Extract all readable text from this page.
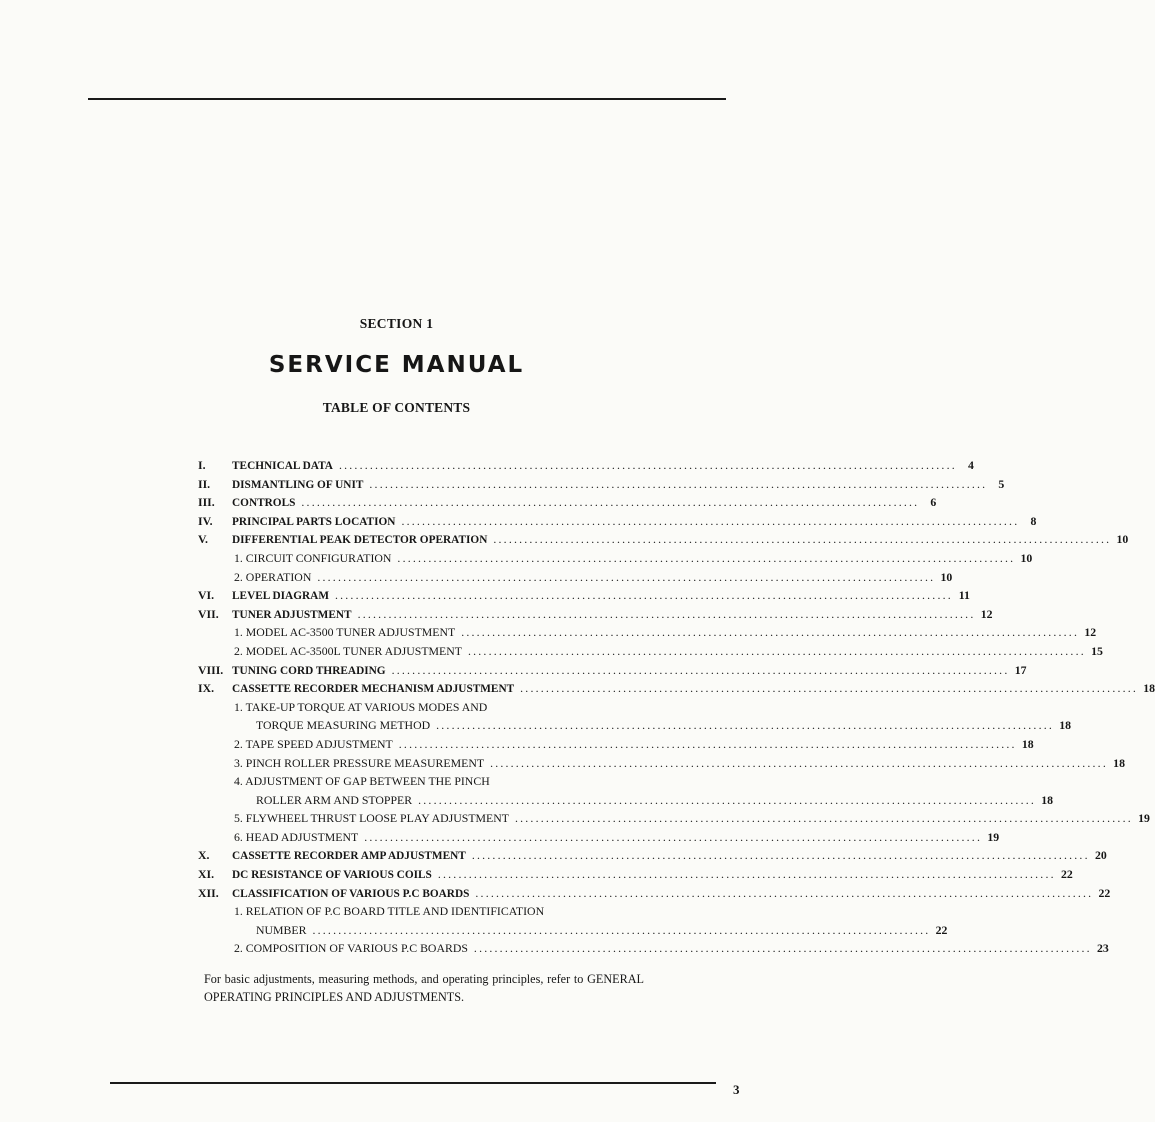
SECTION 1
SERVICE MANUAL
TABLE OF CONTENTS
I. TECHNICAL DATA ........................................................................................................................ 4
II. DISMANTLING OF UNIT ........................................................................................................................ 5
III. CONTROLS ........................................................................................................................ 6
IV. PRINCIPAL PARTS LOCATION ........................................................................................................................ 8
V. DIFFERENTIAL PEAK DETECTOR OPERATION ........................................................................................................................ 10
1. CIRCUIT CONFIGURATION ........................................................................................................................ 10
2. OPERATION ........................................................................................................................ 10
VI. LEVEL DIAGRAM ........................................................................................................................ 11
VII. TUNER ADJUSTMENT ........................................................................................................................ 12
1. MODEL AC-3500 TUNER ADJUSTMENT ........................................................................................................................ 12
2. MODEL AC-3500L TUNER ADJUSTMENT ........................................................................................................................ 15
VIII. TUNING CORD THREADING ........................................................................................................................ 17
IX. CASSETTE RECORDER MECHANISM ADJUSTMENT ........................................................................................................................ 18
1. TAKE-UP TORQUE AT VARIOUS MODES AND
TORQUE MEASURING METHOD ........................................................................................................................ 18
2. TAPE SPEED ADJUSTMENT ........................................................................................................................ 18
3. PINCH ROLLER PRESSURE MEASUREMENT ........................................................................................................................ 18
4. ADJUSTMENT OF GAP BETWEEN THE PINCH
ROLLER ARM AND STOPPER ........................................................................................................................ 18
5. FLYWHEEL THRUST LOOSE PLAY ADJUSTMENT ........................................................................................................................ 19
6. HEAD ADJUSTMENT ........................................................................................................................ 19
X. CASSETTE RECORDER AMP ADJUSTMENT ........................................................................................................................ 20
XI. DC RESISTANCE OF VARIOUS COILS ........................................................................................................................ 22
XII. CLASSIFICATION OF VARIOUS P.C BOARDS ........................................................................................................................ 22
1. RELATION OF P.C BOARD TITLE AND IDENTIFICATION
NUMBER ........................................................................................................................ 22
2. COMPOSITION OF VARIOUS P.C BOARDS ........................................................................................................................ 23
For basic adjustments, measuring methods, and operating principles, refer to GENERAL OPERATING PRINCIPLES AND ADJUSTMENTS.
3
